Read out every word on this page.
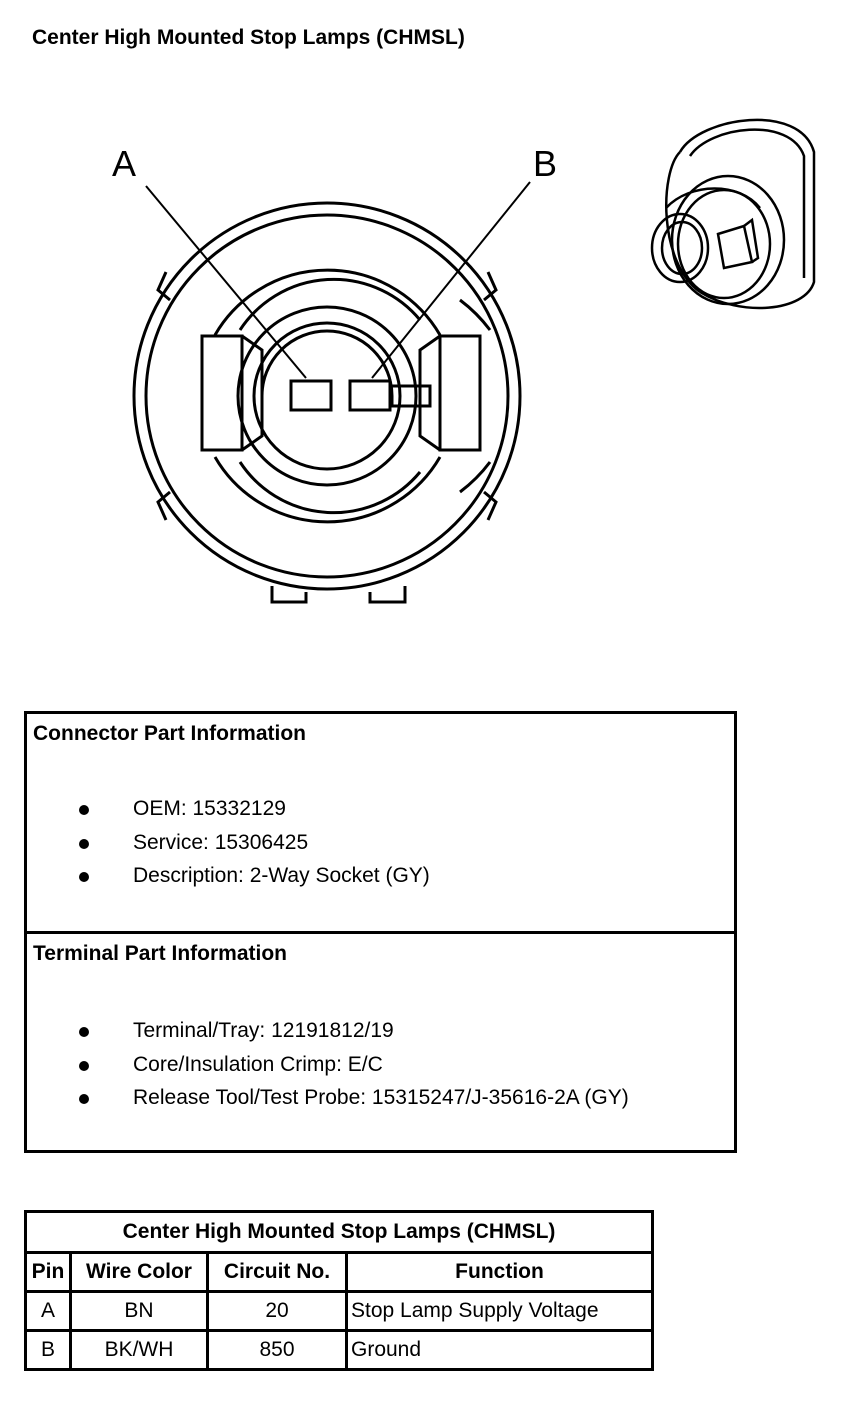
Center High Mounted Stop Lamps (CHMSL)
A	B
Connector Part Information
OEM: 15332129
Service: 15306425
Description: 2-Way Socket (GY)
Terminal Part Information
Terminal/Tray: 12191812/19
Core/Insulation Crimp: E/C
Release Tool/Test Probe: 15315247/J-35616-2A (GY)
Center High Mounted Stop Lamps (CHMSL)			
Pin	Wire Color	Circuit No.	Function
A	BN	20	Stop Lamp Supply Voltage
B	BK/WH	850	Ground
